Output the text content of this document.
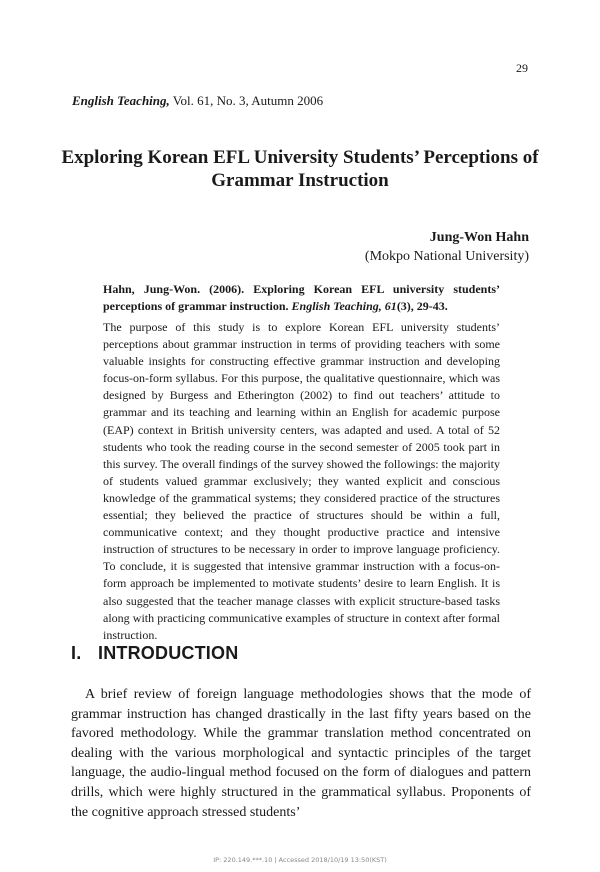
29
English Teaching, Vol. 61, No. 3, Autumn 2006
Exploring Korean EFL University Students’ Perceptions of Grammar Instruction
Jung-Won Hahn
(Mokpo National University)
Hahn, Jung-Won. (2006). Exploring Korean EFL university students’ perceptions of grammar instruction. English Teaching, 61(3), 29-43.
The purpose of this study is to explore Korean EFL university students’ perceptions about grammar instruction in terms of providing teachers with some valuable insights for constructing effective grammar instruction and developing focus-on-form syllabus. For this purpose, the qualitative questionnaire, which was designed by Burgess and Etherington (2002) to find out teachers’ attitude to grammar and its teaching and learning within an English for academic purpose (EAP) context in British university centers, was adapted and used. A total of 52 students who took the reading course in the second semester of 2005 took part in this survey. The overall findings of the survey showed the followings: the majority of students valued grammar exclusively; they wanted explicit and conscious knowledge of the grammatical systems; they considered practice of the structures essential; they believed the practice of structures should be within a full, communicative context; and they thought productive practice and intensive instruction of structures to be necessary in order to improve language proficiency. To conclude, it is suggested that intensive grammar instruction with a focus-on-form approach be implemented to motivate students’ desire to learn English. It is also suggested that the teacher manage classes with explicit structure-based tasks along with practicing communicative examples of structure in context after formal instruction.
I. INTRODUCTION
A brief review of foreign language methodologies shows that the mode of grammar instruction has changed drastically in the last fifty years based on the favored methodology. While the grammar translation method concentrated on dealing with the various morphological and syntactic principles of the target language, the audio-lingual method focused on the form of dialogues and pattern drills, which were highly structured in the grammatical syllabus. Proponents of the cognitive approach stressed students’
IP: 220.149.***.10 | Accessed 2018/10/19 13:50(KST)
